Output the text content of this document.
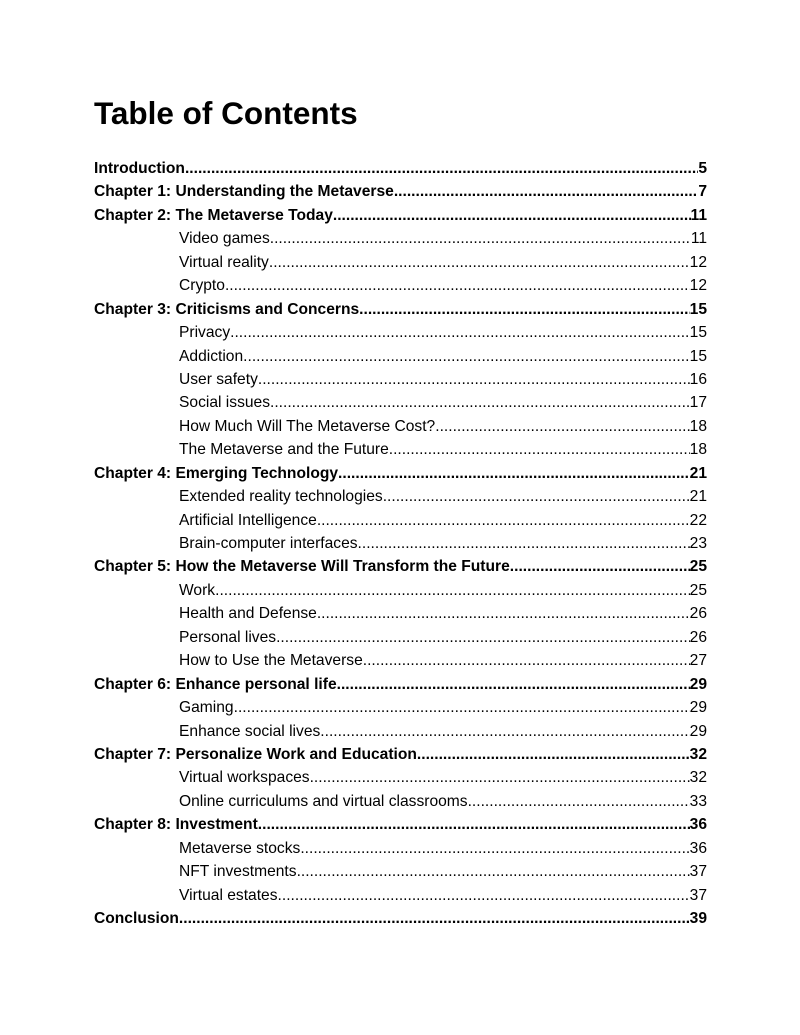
Table of Contents
Introduction .....	5
Chapter 1: Understanding the Metaverse .....	7
Chapter 2: The Metaverse Today .....	11
Video games .....	11
Virtual reality .....	12
Crypto .....	12
Chapter 3: Criticisms and Concerns .....	15
Privacy .....	15
Addiction .....	15
User safety .....	16
Social issues .....	17
How Much Will The Metaverse Cost? .....	18
The Metaverse and the Future .....	18
Chapter 4: Emerging Technology .....	21
Extended reality technologies .....	21
Artificial Intelligence .....	22
Brain-computer interfaces .....	23
Chapter 5: How the Metaverse Will Transform the Future .....	25
Work .....	25
Health and Defense .....	26
Personal lives .....	26
How to Use the Metaverse .....	27
Chapter 6: Enhance personal life .....	29
Gaming .....	29
Enhance social lives .....	29
Chapter 7: Personalize Work and Education .....	32
Virtual workspaces .....	32
Online curriculums and virtual classrooms .....	33
Chapter 8: Investment .....	36
Metaverse stocks .....	36
NFT investments .....	37
Virtual estates .....	37
Conclusion .....	39
